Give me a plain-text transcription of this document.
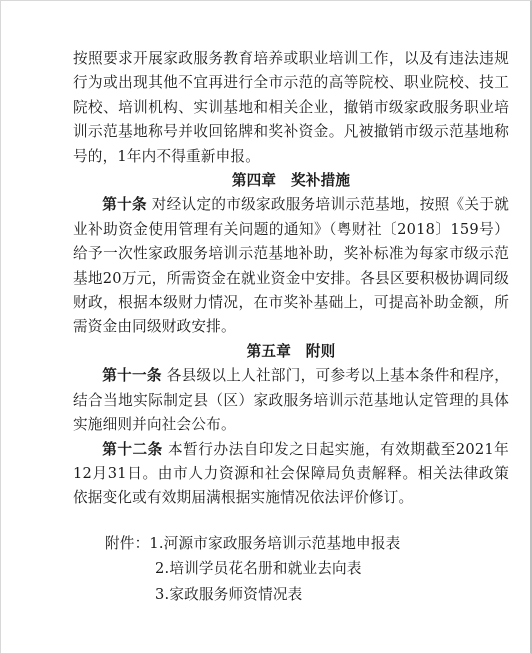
按照要求开展家政服务教育培养或职业培训工作，以及有违法违规行为或出现其他不宜再进行全市示范的高等院校、职业院校、技工院校、培训机构、实训基地和相关企业，撤销市级家政服务职业培训示范基地称号并收回铭牌和奖补资金。凡被撤销市级示范基地称号的，1年内不得重新申报。

第四章　奖补措施

第十条 对经认定的市级家政服务培训示范基地，按照《关于就业补助资金使用管理有关问题的通知》（粤财社〔2018〕159号）给予一次性家政服务培训示范基地补助，奖补标准为每家市级示范基地20万元，所需资金在就业资金中安排。各县区要积极协调同级财政，根据本级财力情况，在市奖补基础上，可提高补助金额，所需资金由同级财政安排。

第五章　附则

第十一条 各县级以上人社部门，可参考以上基本条件和程序，结合当地实际制定县（区）家政服务培训示范基地认定管理的具体实施细则并向社会公布。

第十二条 本暂行办法自印发之日起实施，有效期截至2021年12月31日。由市人力资源和社会保障局负责解释。相关法律政策依据变化或有效期届满根据实施情况依法评价修订。

附件：1.河源市家政服务培训示范基地申报表

2.培训学员花名册和就业去向表

3.家政服务师资情况表
